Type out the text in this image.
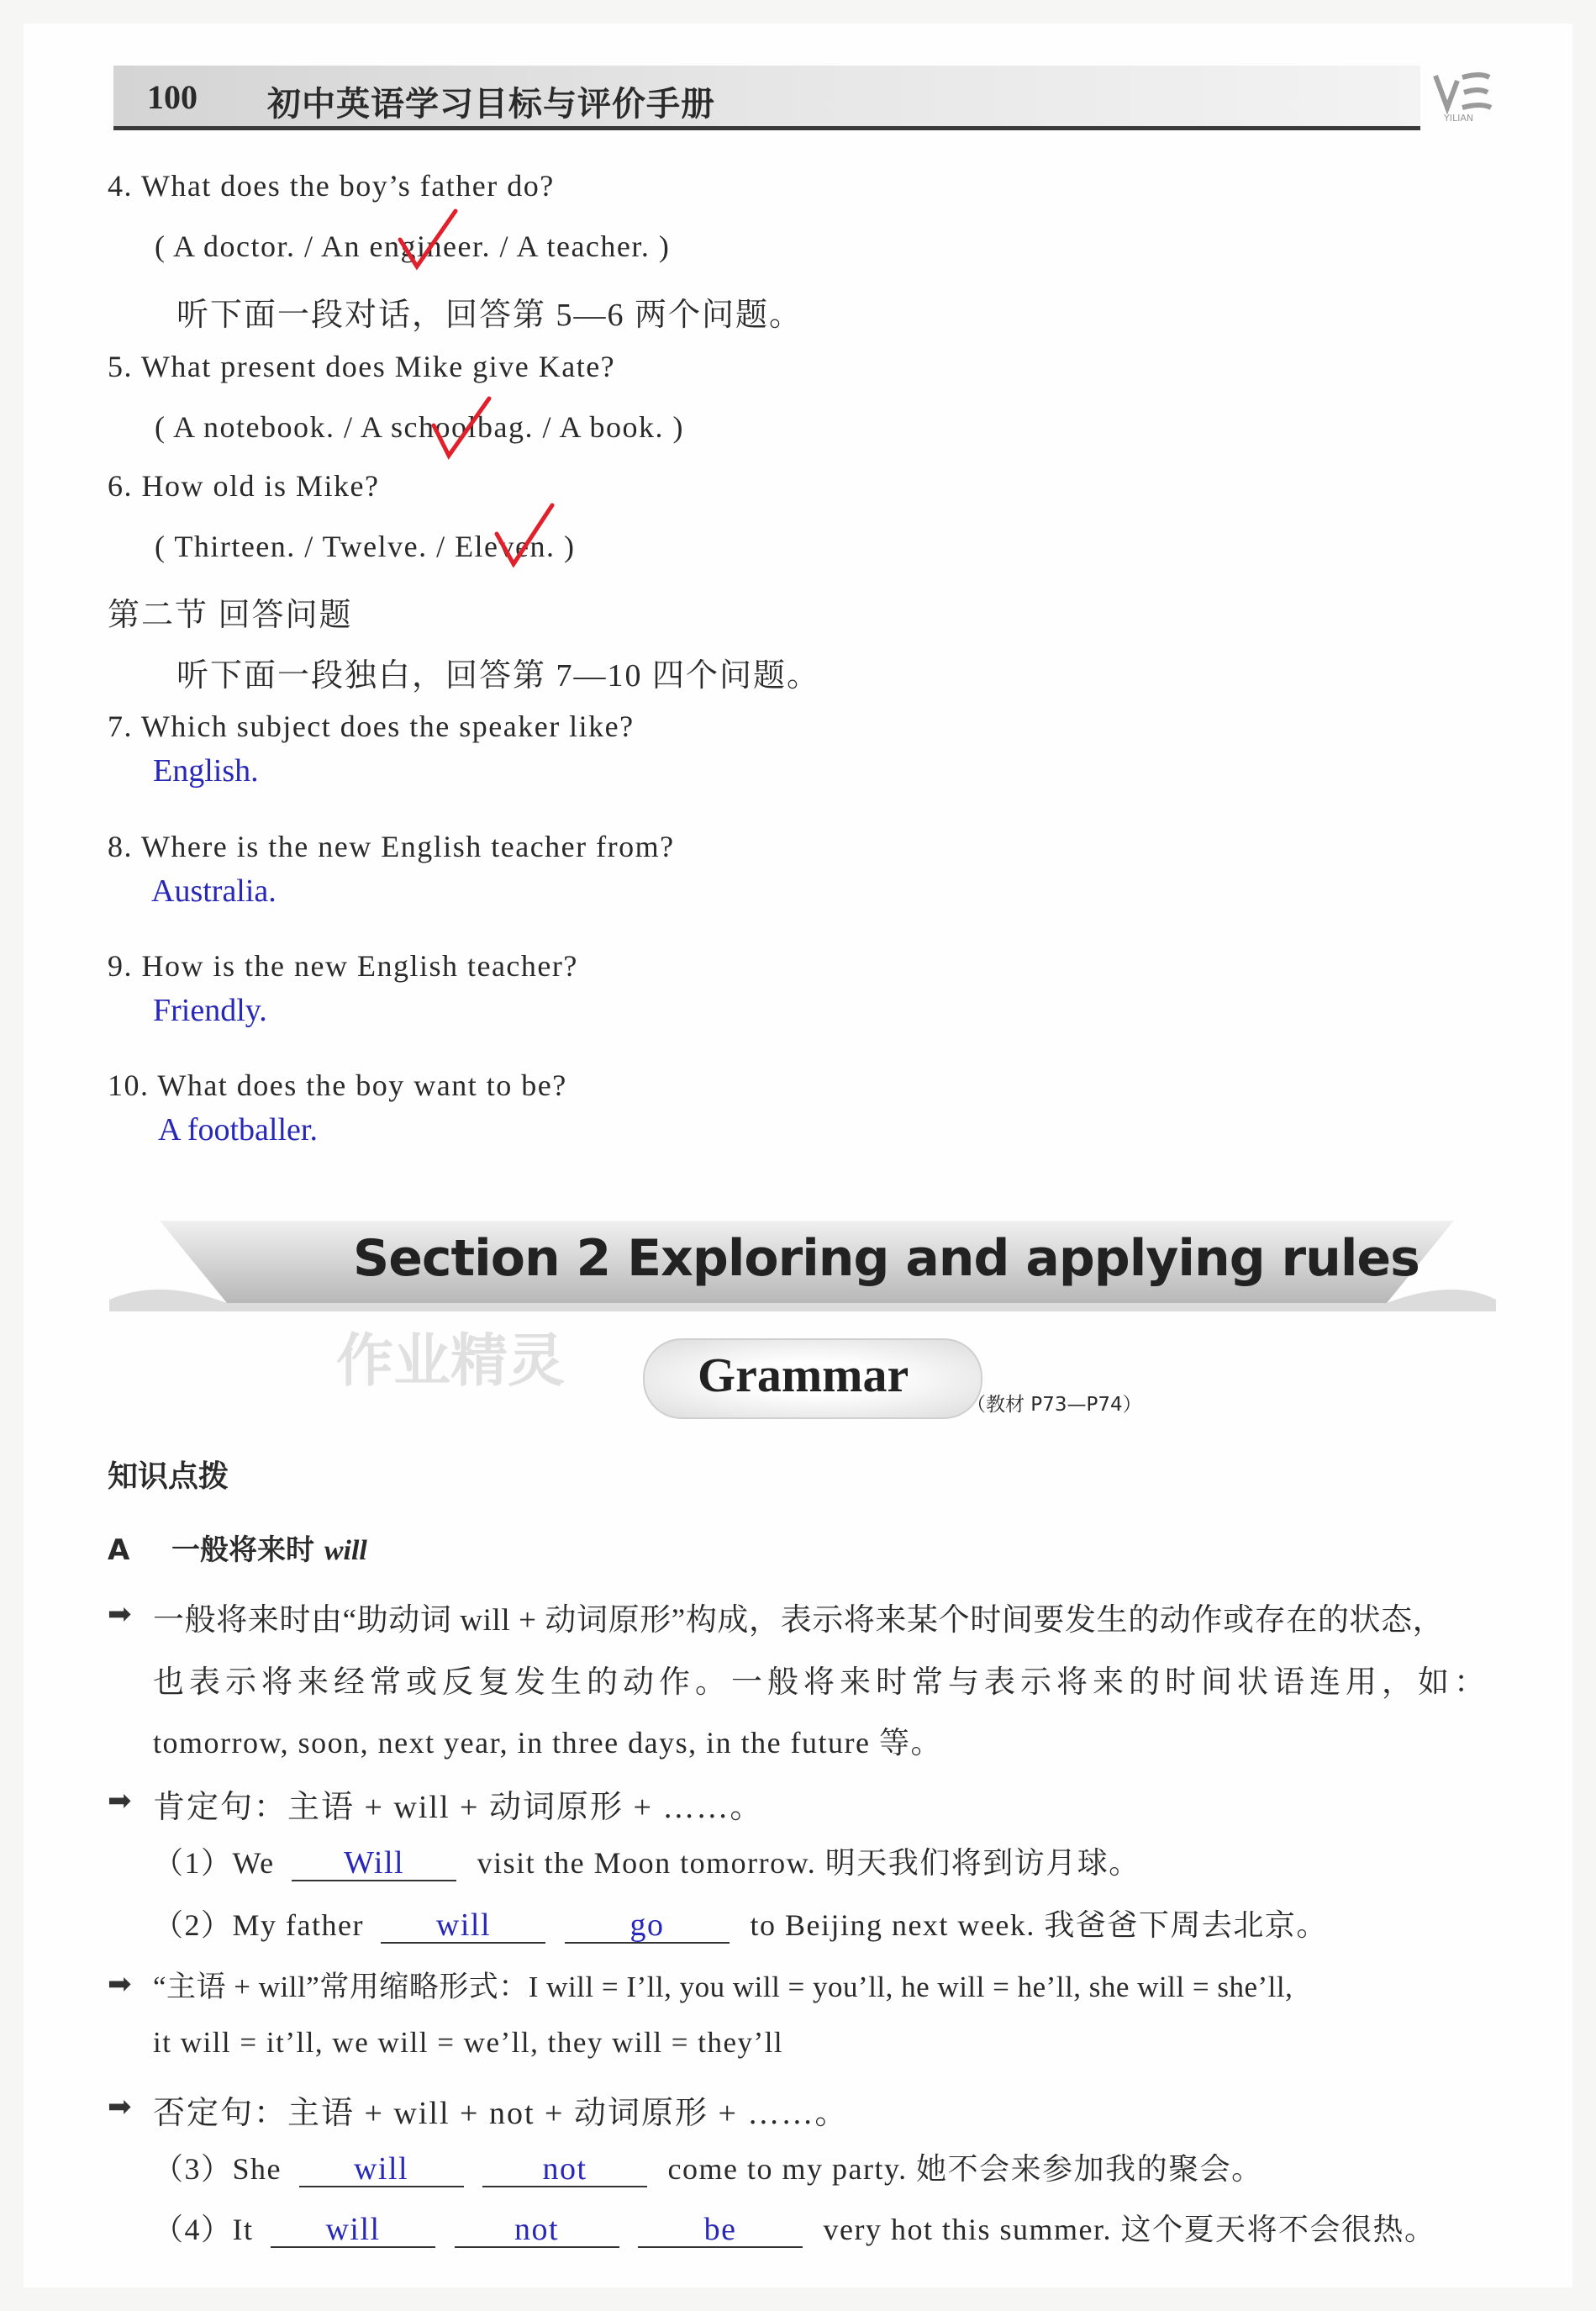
100 初中英语学习目标与评价手册	YILIAN
4. What does the boy’s father do?
( A doctor. / An engineer. / A teacher. )
听下面一段对话，回答第 5—6 两个问题。
5. What present does Mike give Kate?
( A notebook. / A schoolbag. / A book. )
6. How old is Mike?
( Thirteen. / Twelve. / Eleven. )
第二节 回答问题
听下面一段独白，回答第 7—10 四个问题。
7. Which subject does the speaker like?
English.
8. Where is the new English teacher from?
Australia.
9. How is the new English teacher?
Friendly.
10. What does the boy want to be?
A football​er.
Section 2 Exploring and applying rules
作业精灵	Grammar
（教材 P73—P74）
知识点拨
A 一般将来时 will
➡ 一般将来时由“助动词 will + 动词原形”构成，表示将来某个时间要发生的动作或存在的状态，
也表示将来经常或反复发生的动作。一般将来时常与表示将来的时间状语连用，如：
tomorrow, soon, next year, in three days, in the future 等。
➡ 肯定句：主语 + will + 动词原形 + ……。
（1）We Will visit the Moon tomorrow. 明天我们将到访月球。
（2）My father will	go	to Beijing next week. 我爸爸下周去北京。
➡ “主语 + will”常用缩略形式：I will = I’ll, you will = you’ll, he will = he’ll, she will = she’ll,
it will = it’ll, we will = we’ll, they will = they’ll
➡ 否定句：主语 + will + not + 动词原形 + ……。
（3）She will	not	come to my party. 她不会来参加我的聚会。
（4）It will	not	be	very hot this summer. 这个夏天将不会很热。
